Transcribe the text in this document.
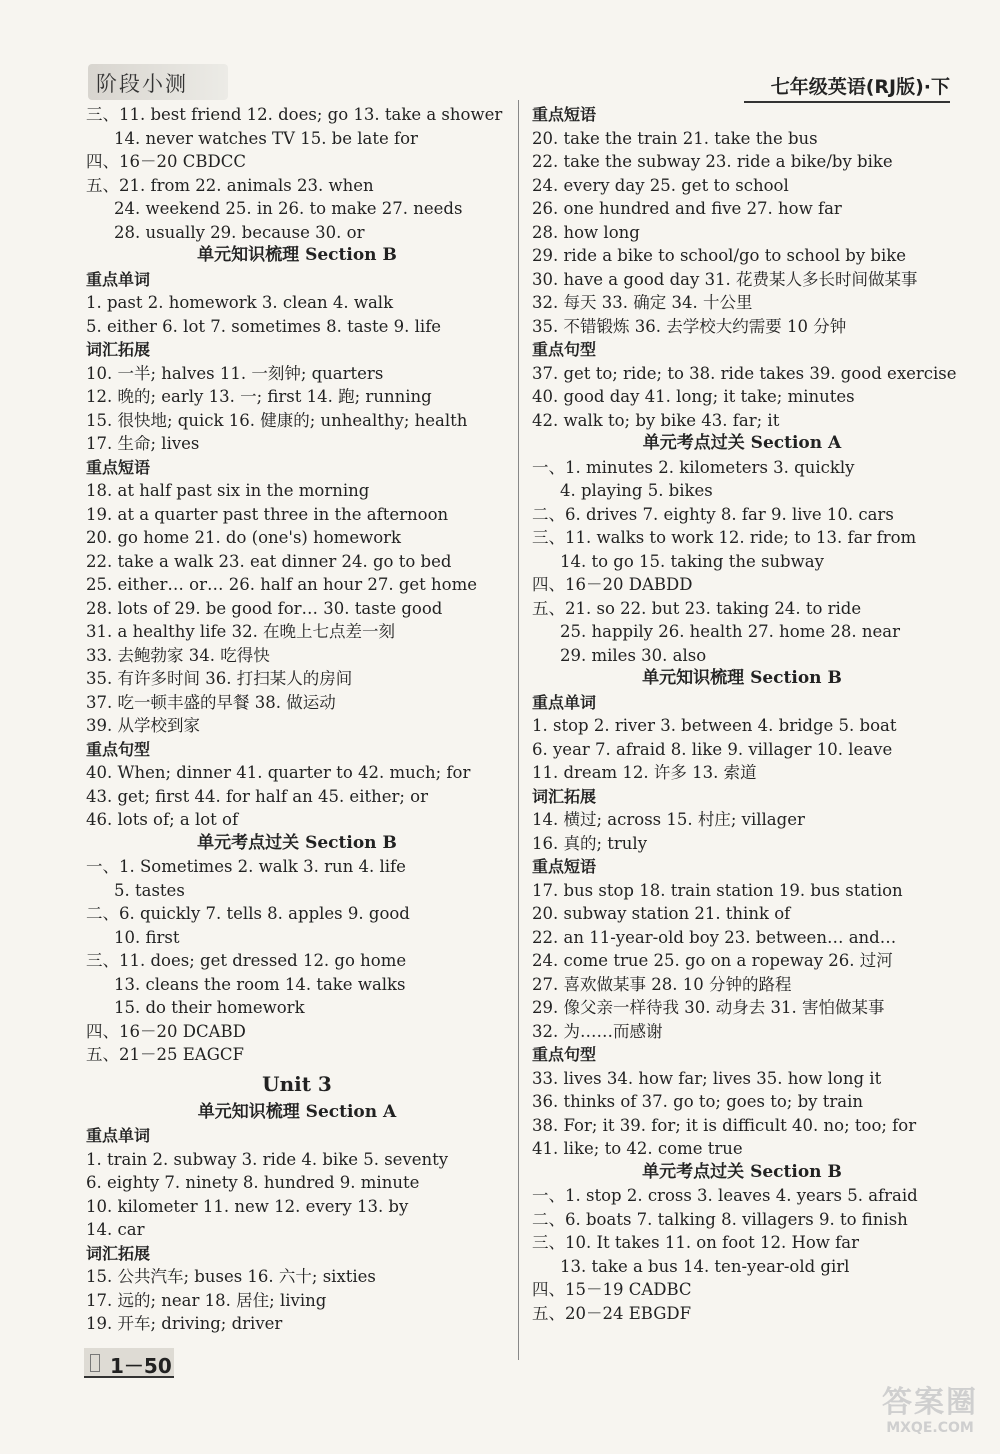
阶段小测	七年级英语(RJ版)·下
三、11. best friend 12. does; go 13. take a shower
14. never watches TV 15. be late for
四、16－20 CBDCC
五、21. from 22. animals 23. when
24. weekend 25. in 26. to make 27. needs
28. usually 29. because 30. or
单元知识梳理 Section B
重点单词
1. past 2. homework 3. clean 4. walk
5. either 6. lot 7. sometimes 8. taste 9. life
词汇拓展
10. 一半; halves 11. 一刻钟; quarters
12. 晚的; early 13. 一; first 14. 跑; running
15. 很快地; quick 16. 健康的; unhealthy; health
17. 生命; lives
重点短语
18. at half past six in the morning
19. at a quarter past three in the afternoon
20. go home 21. do (one's) homework
22. take a walk 23. eat dinner 24. go to bed
25. either… or… 26. half an hour 27. get home
28. lots of 29. be good for… 30. taste good
31. a healthy life 32. 在晚上七点差一刻
33. 去鲍勃家 34. 吃得快
35. 有许多时间 36. 打扫某人的房间
37. 吃一顿丰盛的早餐 38. 做运动
39. 从学校到家
重点句型
40. When; dinner 41. quarter to 42. much; for
43. get; first 44. for half an 45. either; or
46. lots of; a lot of
单元考点过关 Section B
一、1. Sometimes 2. walk 3. run 4. life
5. tastes
二、6. quickly 7. tells 8. apples 9. good
10. first
三、11. does; get dressed 12. go home
13. cleans the room 14. take walks
15. do their homework
四、16－20 DCABD
五、21－25 EAGCF
Unit 3
单元知识梳理 Section A
重点单词
1. train 2. subway 3. ride 4. bike 5. seventy
6. eighty 7. ninety 8. hundred 9. minute
10. kilometer 11. new 12. every 13. by
14. car
词汇拓展
15. 公共汽车; buses 16. 六十; sixties
17. 远的; near 18. 居住; living
19. 开车; driving; driver
重点短语
20. take the train 21. take the bus
22. take the subway 23. ride a bike/by bike
24. every day 25. get to school
26. one hundred and five 27. how far
28. how long
29. ride a bike to school/go to school by bike
30. have a good day 31. 花费某人多长时间做某事
32. 每天 33. 确定 34. 十公里
35. 不错锻炼 36. 去学校大约需要 10 分钟
重点句型
37. get to; ride; to 38. ride takes 39. good exercise
40. good day 41. long; it take; minutes
42. walk to; by bike 43. far; it
单元考点过关 Section A
一、1. minutes 2. kilometers 3. quickly
4. playing 5. bikes
二、6. drives 7. eighty 8. far 9. live 10. cars
三、11. walks to work 12. ride; to 13. far from
14. to go 15. taking the subway
四、16－20 DABDD
五、21. so 22. but 23. taking 24. to ride
25. happily 26. health 27. home 28. near
29. miles 30. also
单元知识梳理 Section B
重点单词
1. stop 2. river 3. between 4. bridge 5. boat
6. year 7. afraid 8. like 9. villager 10. leave
11. dream 12. 许多 13. 索道
词汇拓展
14. 横过; across 15. 村庄; villager
16. 真的; truly
重点短语
17. bus stop 18. train station 19. bus station
20. subway station 21. think of
22. an 11-year-old boy 23. between… and…
24. come true 25. go on a ropeway 26. 过河
27. 喜欢做某事 28. 10 分钟的路程
29. 像父亲一样待我 30. 动身去 31. 害怕做某事
32. 为……而感谢
重点句型
33. lives 34. how far; lives 35. how long it
36. thinks of 37. go to; goes to; by train
38. For; it 39. for; it is difficult 40. no; too; for
41. like; to 42. come true
单元考点过关 Section B
一、1. stop 2. cross 3. leaves 4. years 5. afraid
二、6. boats 7. talking 8. villagers 9. to finish
三、10. It takes 11. on foot 12. How far
13. take a bus 14. ten-year-old girl
四、15－19 CADBC
五、20－24 EBGDF
1－50
答案圈
MXQE.COM
